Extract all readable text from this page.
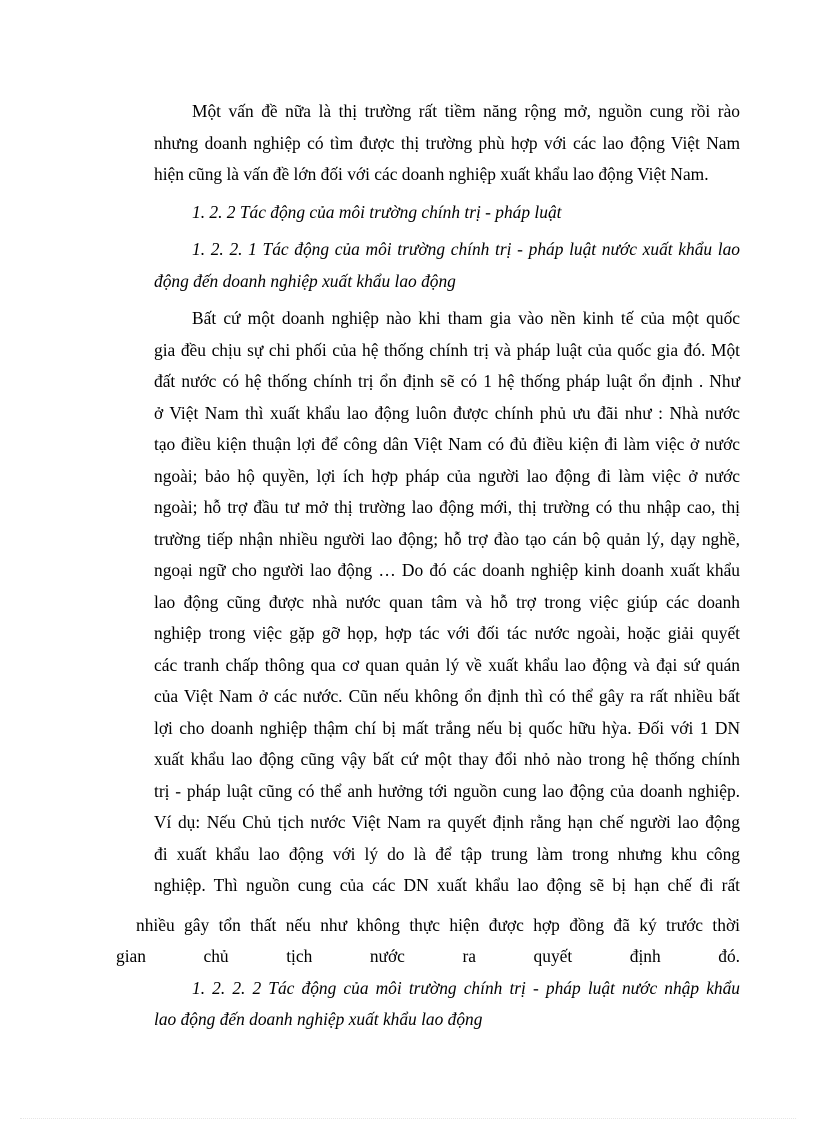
Một vấn đề nữa là thị trường rất tiềm năng rộng mở, nguồn cung rồi rào
nhưng doanh nghiệp có tìm được thị trường phù hợp với các lao động Việt Nam
hiện cũng là vấn đề lớn đối với các doanh nghiệp xuất khẩu lao động Việt Nam.
1. 2. 2 Tác động của môi trường chính trị - pháp luật
1. 2. 2. 1 Tác động của môi trường chính trị - pháp luật nước xuất khẩu lao
động đến doanh nghiệp xuất khẩu lao động
Bất cứ một doanh nghiệp nào khi tham gia vào nền kinh tế của một quốc
gia đều chịu sự chi phối của hệ thống chính trị và pháp luật của quốc gia đó. Một
đất nước có hệ thống chính trị ổn định sẽ có 1 hệ thống pháp luật ổn định . Như
ở Việt Nam thì xuất khẩu lao động luôn được chính phủ ưu đãi như : Nhà nước
tạo điều kiện thuận lợi để công dân Việt Nam có đủ điều kiện đi làm việc ở nước
ngoài; bảo hộ quyền, lợi ích hợp pháp của người lao động đi làm việc ở nước
ngoài; hỗ trợ đầu tư mở thị trường lao động mới, thị trường có thu nhập cao, thị
trường tiếp nhận nhiều người lao động; hỗ trợ đào tạo cán bộ quản lý, dạy nghề,
ngoại ngữ cho người lao động … Do đó các doanh nghiệp kinh doanh xuất khẩu
lao động cũng được nhà nước quan tâm và hỗ trợ trong việc giúp các doanh
nghiệp trong việc gặp gỡ họp, hợp tác với đối tác nước ngoài, hoặc giải quyết
các tranh chấp thông qua cơ quan quản lý về xuất khẩu lao động và đại sứ quán
của Việt Nam ở các nước. Cũn nếu không ổn định thì có thể gây ra rất nhiều bất
lợi cho doanh nghiệp thậm chí bị mất trắng nếu bị quốc hữu hỳa. Đối với 1 DN
xuất khẩu lao động cũng vậy bất cứ một thay đổi nhỏ nào trong hệ thống chính
trị - pháp luật cũng có thể anh hưởng tới nguồn cung lao động của doanh nghiệp.
Ví dụ: Nếu Chủ tịch nước Việt Nam ra quyết định rằng hạn chế người lao động
đi xuất khẩu lao động với lý do là để tập trung làm trong nhưng khu công
nghiệp. Thì nguồn cung của các DN xuất khẩu lao động sẽ bị hạn chế đi rất
nhiều gây tổn thất nếu như không thực hiện được hợp đồng đã ký trước thời
gian chủ tịch nước ra quyết định đó.
1. 2. 2. 2 Tác động của môi trường chính trị - pháp luật nước nhập khẩu
lao động đến doanh nghiệp xuất khẩu lao động
